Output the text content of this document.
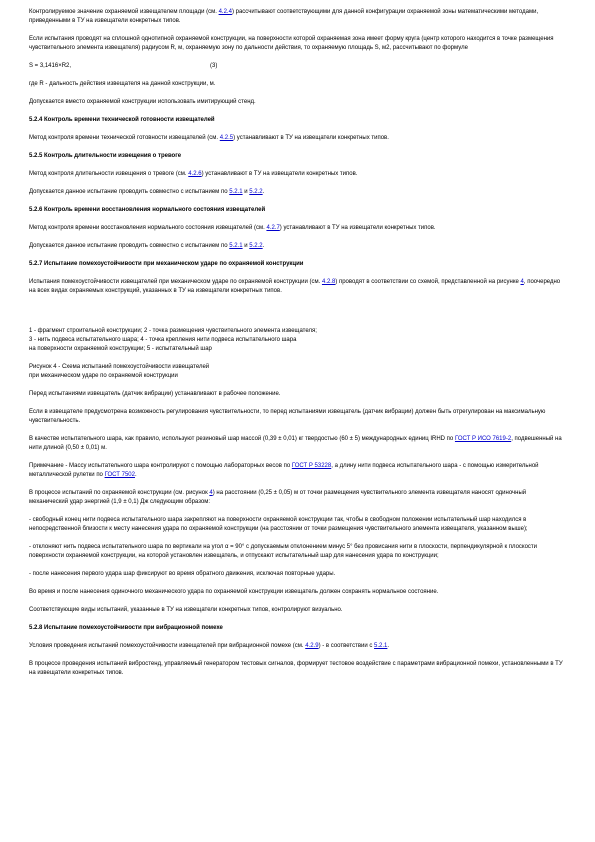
Контролируемое значение охраняемой извещателем площади (см. 4.2.4) рассчитывают соответствующими для данной конфигурации охраняемой зоны математическими методами, приведенными в ТУ на извещатели конкретных типов.
Если испытания проводят на сплошной однотипной охраняемой конструкции, на поверхности которой охраняемая зона имеет форму круга (центр которого находится в точке размещения чувствительного элемента извещателя) радиусом R, м, охраняемую зону по дальности действия, то охраняемую площадь S, м2, рассчитывают по формуле
S = 3,1416×R2,	(3)
где R - дальность действия извещателя на данной конструкции, м.
Допускается вместо охраняемой конструкции использовать имитирующий стенд.
5.2.4 Контроль времени технической готовности извещателей
Метод контроля времени технической готовности извещателей (см. 4.2.5) устанавливают в ТУ на извещатели конкретных типов.
5.2.5 Контроль длительности извещения о тревоге
Метод контроля длительности извещения о тревоге (см. 4.2.6) устанавливают в ТУ на извещатели конкретных типов.
Допускается данное испытание проводить совместно с испытанием по 5.2.1 и 5.2.2.
5.2.6 Контроль времени восстановления нормального состояния извещателей
Метод контроля времени восстановления нормального состояния извещателей (см. 4.2.7) устанавливают в ТУ на извещатели конкретных типов.
Допускается данное испытание проводить совместно с испытанием по 5.2.1 и 5.2.2.
5.2.7 Испытание помехоустойчивости при механическом ударе по охраняемой конструкции
Испытания помехоустойчивости извещателей при механическом ударе по охраняемой конструкции (см. 4.2.8) проводят в соответствии со схемой, представленной на рисунке 4, поочередно на всех видах охраняемых конструкций, указанных в ТУ на извещатели конкретных типов.
1 - фрагмент строительной конструкции; 2 - точка размещения чувствительного элемента извещателя;
3 - нить подвеса испытательного шара; 4 - точка крепления нити подвеса испытательного шара
на поверхности охраняемой конструкции; 5 - испытательный шар
Рисунок 4 - Схема испытаний помехоустойчивости извещателей
при механическом ударе по охраняемой конструкции
Перед испытаниями извещатель (датчик вибрации) устанавливают в рабочее положение.
Если в извещателе предусмотрена возможность регулирования чувствительности, то перед испытаниями извещатель (датчик вибрации) должен быть отрегулирован на максимальную чувствительность.
В качестве испытательного шара, как правило, используют резиновый шар массой (0,39 ± 0,01) кг твердостью (60 ± 5) международных единиц IRHD по ГОСТ Р ИСО 7619-2, подвешенный на нити длиной (0,50 ± 0,01) м.
Примечание - Массу испытательного шара контролируют с помощью лабораторных весов по ГОСТ Р 53228, а длину нити подвеса испытательного шара - с помощью измерительной металлической рулетки по ГОСТ 7502.
В процессе испытаний по охраняемой конструкции (см. рисунок 4) на расстоянии (0,25 ± 0,05) м от точки размещения чувствительного элемента извещателя наносят одиночный механический удар энергией (1,9 ± 0,1) Дж следующим образом:
- свободный конец нити подвеса испытательного шара закрепляют на поверхности охраняемой конструкции так, чтобы в свободном положении испытательный шар находился в непосредственной близости к месту нанесения удара по охраняемой конструкции (на расстоянии от точки размещения чувствительного элемента извещателя, указанном выше);
- отклоняют нить подвеса испытательного шара по вертикали на угол α = 90° с допускаемым отклонением минус 5° без провисания нити в плоскости, перпендикулярной к плоскости поверхности охраняемой конструкции, на которой установлен извещатель, и отпускают испытательный шар для нанесения удара по конструкции;
- после нанесения первого удара шар фиксируют во время обратного движения, исключая повторные удары.
Во время и после нанесения одиночного механического удара по охраняемой конструкции извещатель должен сохранять нормальное состояние.
Соответствующие виды испытаний, указанные в ТУ на извещатели конкретных типов, контролируют визуально.
5.2.8 Испытание помехоустойчивости при вибрационной помехе
Условия проведения испытаний помехоустойчивости извещателей при вибрационной помехе (см. 4.2.9) - в соответствии с 5.2.1.
В процессе проведения испытаний вибростенд, управляемый генератором тестовых сигналов, формирует тестовое воздействие с параметрами вибрационной помехи, установленными в ТУ на извещатели конкретных типов.
